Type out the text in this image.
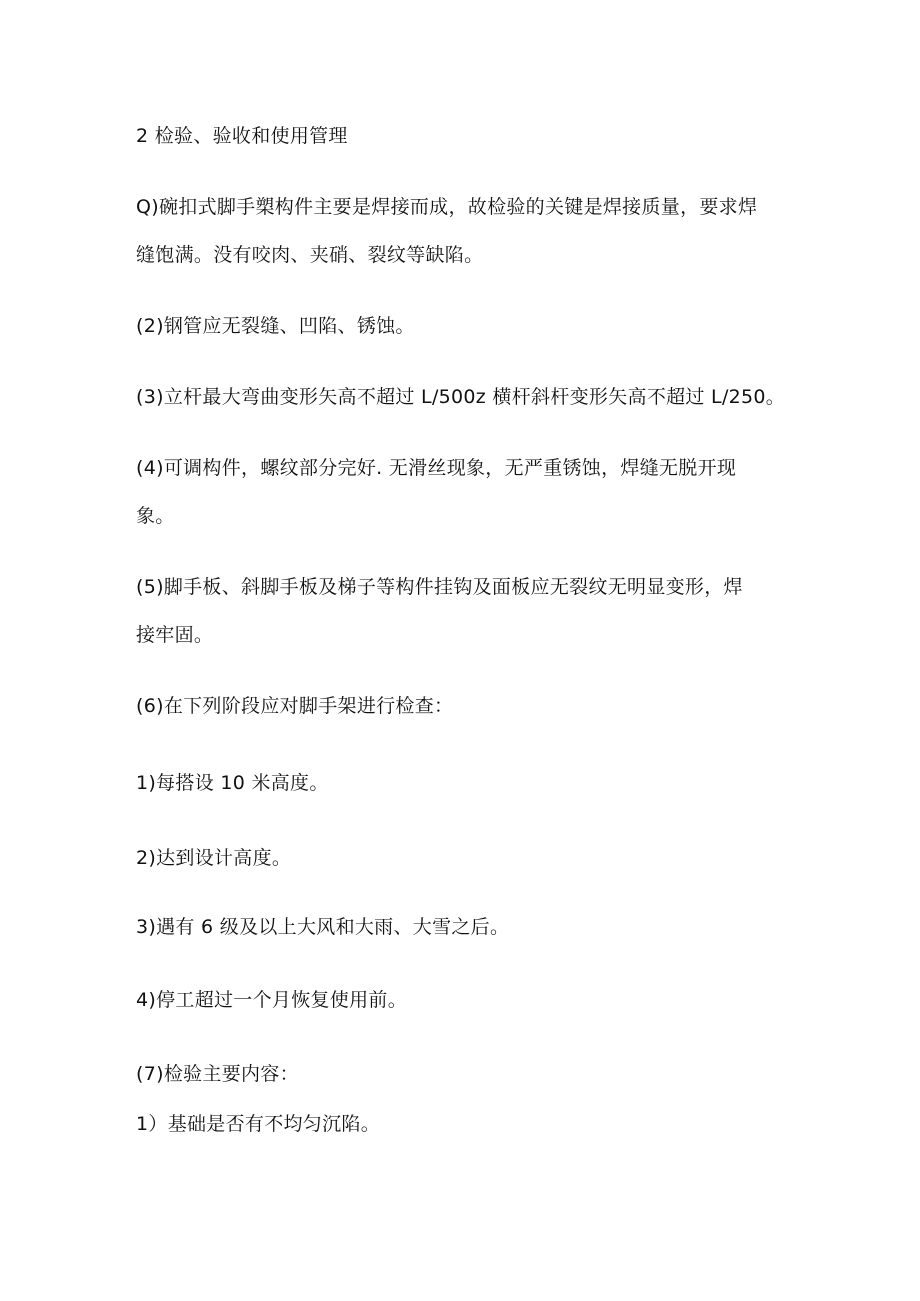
2 检验、验收和使用管理
Q)碗扣式脚手槊构件主要是焊接而成，故检验的关键是焊接质量，要求焊
缝饱满。没有咬肉、夹硝、裂纹等缺陷。
(2)钢管应无裂缝、凹陷、锈蚀。
(3)立杆最大弯曲变形矢高不超过 L/500z 横杆斜杆变形矢高不超过 L/250。
(4)可调构件，螺纹部分完好. 无滑丝现象，无严重锈蚀，焊缝无脱开现
象。
(5)脚手板、斜脚手板及梯子等构件挂钩及面板应无裂纹无明显变形，焊
接牢固。
(6)在下列阶段应对脚手架进行检查：
1)每搭设 10 米高度。
2)达到设计高度。
3)遇有 6 级及以上大风和大雨、大雪之后。
4)停工超过一个月恢复使用前。
(7)检验主要内容：
1）基础是否有不均匀沉陷。
